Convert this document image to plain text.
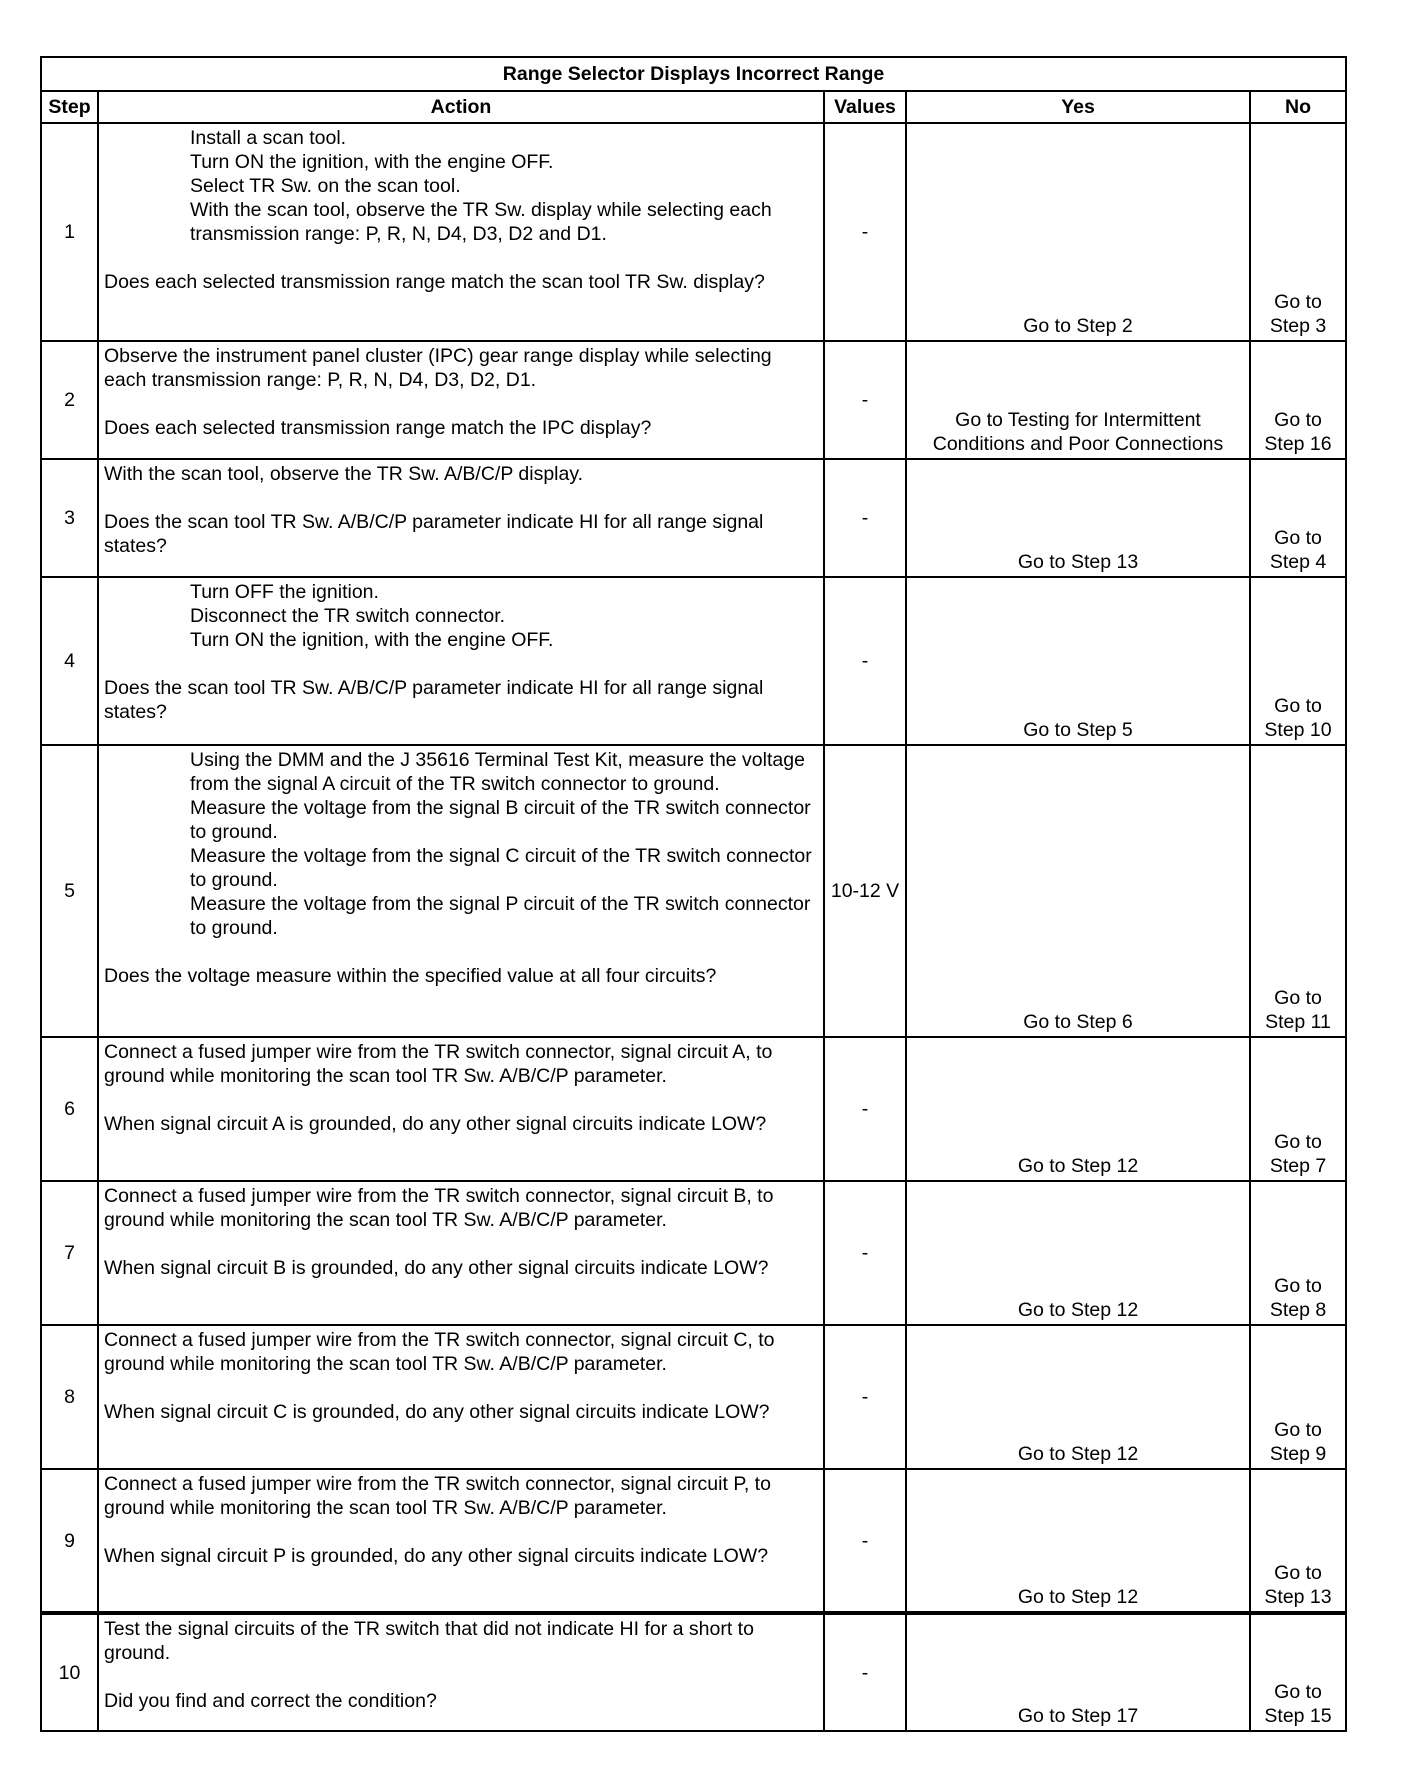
Range Selector Displays Incorrect Range				
Step	Action	Values	Yes	No
1	Install a scan tool.
Turn ON the ignition, with the engine OFF.
Select TR Sw. on the scan tool.
With the scan tool, observe the TR Sw. display while selecting each transmission range: P, R, N, D4, D3, D2 and D1.
Does each selected transmission range match the scan tool TR Sw. display?	-	Go to Step 2	Go to Step 3
2	Observe the instrument panel cluster (IPC) gear range display while selecting each transmission range: P, R, N, D4, D3, D2, D1.
Does each selected transmission range match the IPC display?	-	Go to Testing for Intermittent Conditions and Poor Connections	Go to Step 16
3	With the scan tool, observe the TR Sw. A/B/C/P display.
Does the scan tool TR Sw. A/B/C/P parameter indicate HI for all range signal states?	-	Go to Step 13	Go to Step 4
4	Turn OFF the ignition.
Disconnect the TR switch connector.
Turn ON the ignition, with the engine OFF.
Does the scan tool TR Sw. A/B/C/P parameter indicate HI for all range signal states?	-	Go to Step 5	Go to Step 10
5	Using the DMM and the J 35616 Terminal Test Kit, measure the voltage from the signal A circuit of the TR switch connector to ground.
Measure the voltage from the signal B circuit of the TR switch connector to ground.
Measure the voltage from the signal C circuit of the TR switch connector to ground.
Measure the voltage from the signal P circuit of the TR switch connector to ground.
Does the voltage measure within the specified value at all four circuits?	10-12 V	Go to Step 6	Go to Step 11
6	Connect a fused jumper wire from the TR switch connector, signal circuit A, to ground while monitoring the scan tool TR Sw. A/B/C/P parameter.
When signal circuit A is grounded, do any other signal circuits indicate LOW?	-	Go to Step 12	Go to Step 7
7	Connect a fused jumper wire from the TR switch connector, signal circuit B, to ground while monitoring the scan tool TR Sw. A/B/C/P parameter.
When signal circuit B is grounded, do any other signal circuits indicate LOW?	-	Go to Step 12	Go to Step 8
8	Connect a fused jumper wire from the TR switch connector, signal circuit C, to ground while monitoring the scan tool TR Sw. A/B/C/P parameter.
When signal circuit C is grounded, do any other signal circuits indicate LOW?	-	Go to Step 12	Go to Step 9
9	Connect a fused jumper wire from the TR switch connector, signal circuit P, to ground while monitoring the scan tool TR Sw. A/B/C/P parameter.
When signal circuit P is grounded, do any other signal circuits indicate LOW?	-	Go to Step 12	Go to Step 13
10	Test the signal circuits of the TR switch that did not indicate HI for a short to ground.
Did you find and correct the condition?	-	Go to Step 17	Go to Step 15
